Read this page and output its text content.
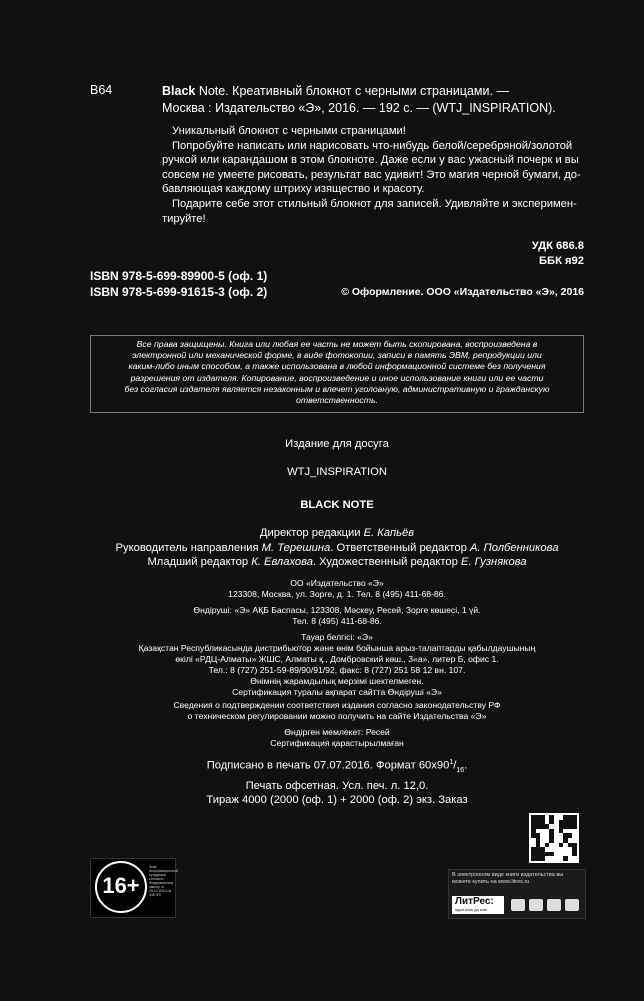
В64	Black Note. Креативный блокнот с черными страницами. —
Москва : Издательство «Э», 2016. — 192 с. — (WTJ_INSPIRATION).
Уникальный блокнот с черными страницами!
Попробуйте написать или нарисовать что-нибудь белой/серебряной/золотой
ручкой или карандашом в этом блокноте. Даже если у вас ужасный почерк и вы
совсем не умеете рисовать, результат вас удивит! Это магия черной бумаги, до-
бавляющая каждому штриху изящество и красоту.
Подарите себе этот стильный блокнот для записей. Удивляйте и эксперимен-
тируйте!
УДК 686.8
ББК я92
ISBN 978-5-699-89900-5 (оф. 1)
ISBN 978-5-699-91615-3 (оф. 2)	© Оформление. ООО «Издательство «Э», 2016
Все права защищены. Книга или любая ее часть не может быть скопирована, воспроизведена в
электронной или механической форме, в виде фотокопии, записи в память ЭВМ, репродукции или
каким-либо иным способом, а также использована в любой информационной системе без получения
разрешения от издателя. Копирование, воспроизведение и иное использование книги или ее части
без согласия издателя является незаконным и влечет уголовную, административную и гражданскую
ответственность.
Издание для досуга
WTJ_INSPIRATION
BLACK NOTE
Директор редакции Е. Капьёв
Руководитель направления М. Терешина. Ответственный редактор А. Полбенникова
Младший редактор К. Евлахова. Художественный редактор Е. Гузнякова
ОО «Издательство «Э»
123308, Москва, ул. Зорге, д. 1. Тел. 8 (495) 411-68-86.
Өндіруші: «Э» АҚБ Баспасы, 123308, Мәскеу, Ресей, Зорге көшесі, 1 үй.
Тел. 8 (495) 411-68-86.
Тауар белгісі: «Э»
Қазақстан Республикасында дистрибьютор және өнім бойынша арыз-талаптарды қабылдаушының
өкілі «РДЦ-Алматы» ЖШС, Алматы қ., Домбровский көш., 3«а», литер Б, офис 1.
Тел.: 8 (727) 251-59-89/90/91/92, факс: 8 (727) 251 58 12 вн. 107.
Өнімнің жарамдылық мерзімі шектелмеген.
Сертификация туралы ақпарат сайтта Өндіруші «Э»
Сведения о подтверждении соответствия издания согласно законодательству РФ
о техническом регулировании можно получить на сайте Издательства «Э»
Өндірген мемлекет: Ресей
Сертификация қарастырылмаған
Подписано в печать 07.07.2016. Формат $60х90^1/_{16}$.
Печать офсетная. Усл. печ. л. 12,0.
Тираж 4000 (2000 (оф. 1) + 2000 (оф. 2) экз. Заказ
16+
Знак информационной продукции согласно Федеральному закону от 29.12.2010 № 436-ФЗ
В электронном виде книги издательства вы можете купить на www.litres.ru
ЛитРес:
один клик до книг
